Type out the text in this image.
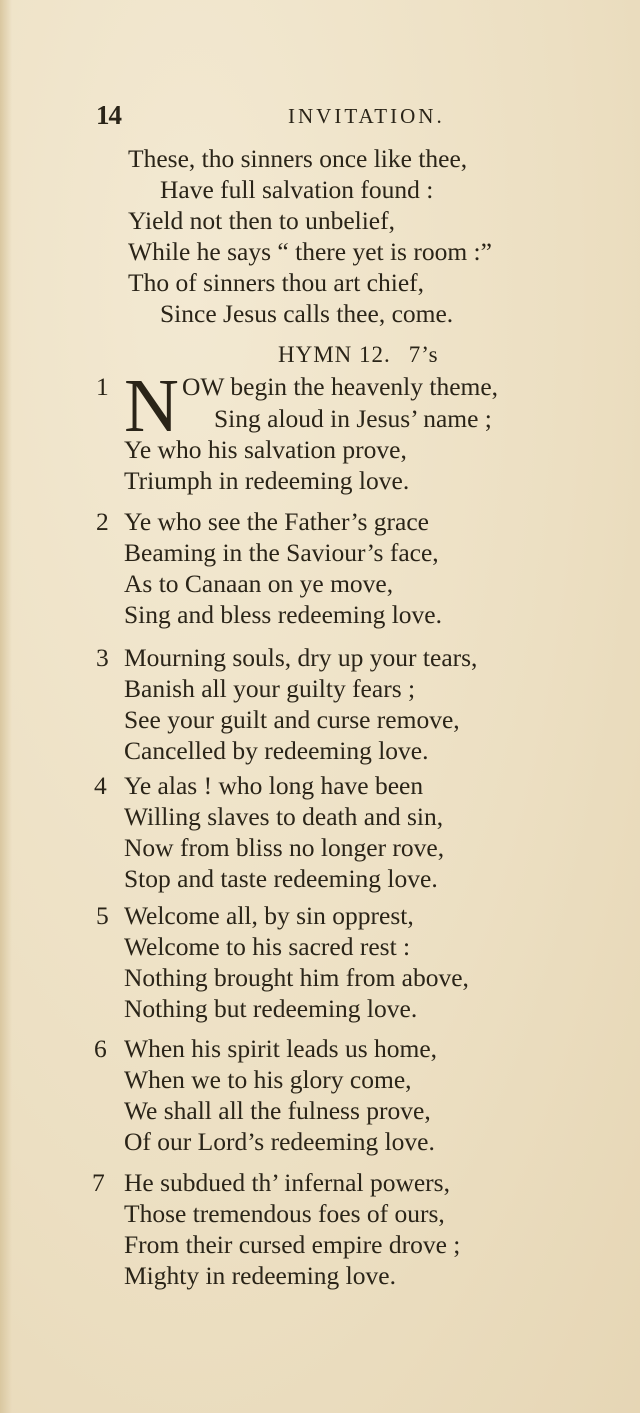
14	INVITATION.
These, tho sinners once like thee,
Have full salvation found :
Yield not then to unbelief,
While he says “ there yet is room :”
Tho of sinners thou art chief,
Since Jesus calls thee, come.
HYMN 12. 7’s
1 N OW begin the heavenly theme,
Sing aloud in Jesus’ name ;
Ye who his salvation prove,
Triumph in redeeming love.
2 Ye who see the Father’s grace
Beaming in the Saviour’s face,
As to Canaan on ye move,
Sing and bless redeeming love.
3 Mourning souls, dry up your tears,
Banish all your guilty fears ;
See your guilt and curse remove,
Cancelled by redeeming love.
4 Ye alas ! who long have been
Willing slaves to death and sin,
Now from bliss no longer rove,
Stop and taste redeeming love.
5 Welcome all, by sin opprest,
Welcome to his sacred rest :
Nothing brought him from above,
Nothing but redeeming love.
6 When his spirit leads us home,
When we to his glory come,
We shall all the fulness prove,
Of our Lord’s redeeming love.
7 He subdued th’ infernal powers,
Those tremendous foes of ours,
From their cursed empire drove ;
Mighty in redeeming love.
